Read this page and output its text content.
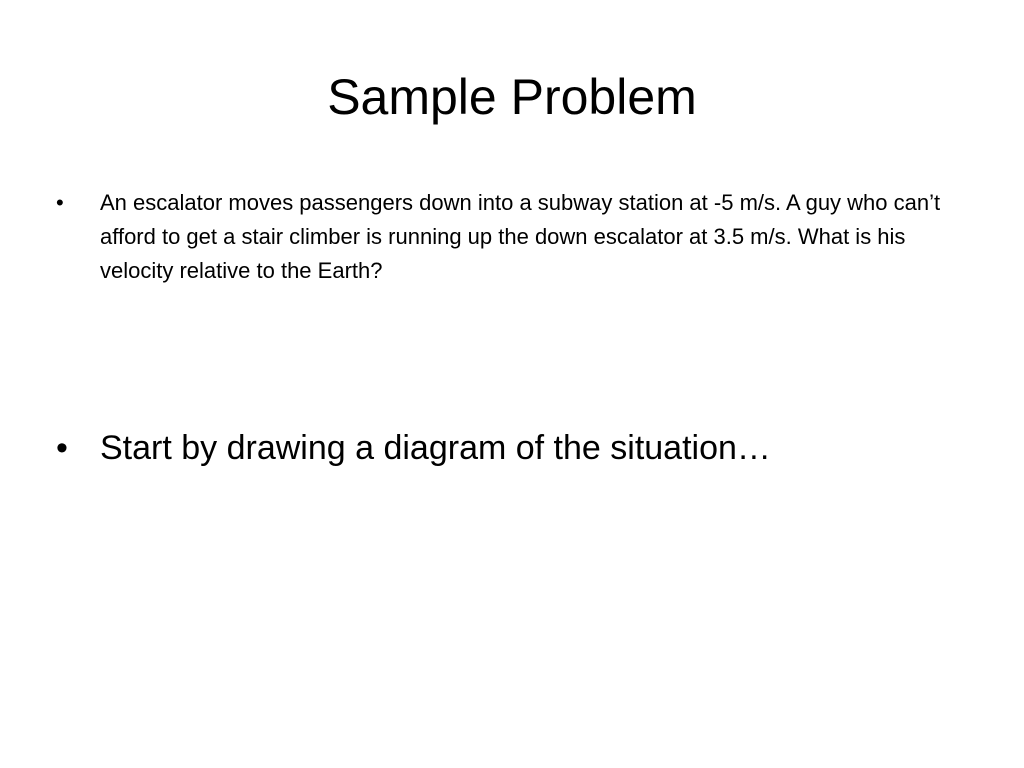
Sample Problem
• An escalator moves passengers down into a subway station at -5 m/s. A guy who can’t afford to get a stair climber is running up the down escalator at 3.5 m/s. What is his velocity relative to the Earth?
• Start by drawing a diagram of the situation…
